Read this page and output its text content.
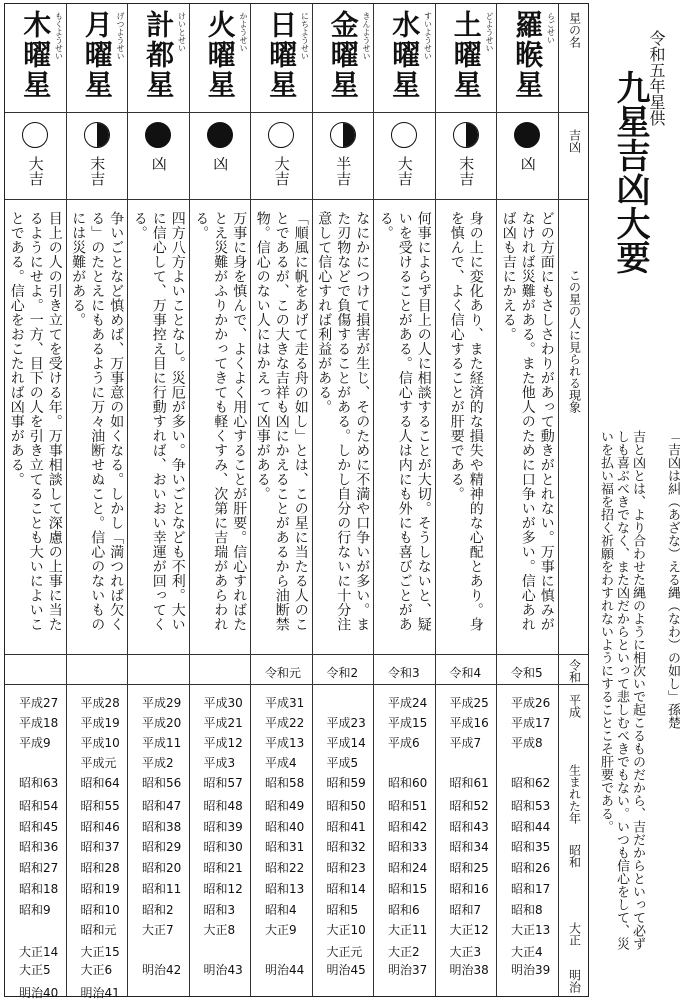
木曜星 もくようせい
大吉
目上の人の引き立てを受ける年。万事相談して深慮の上事に当たるようにせよ。一方、目下の人を引き立てることも大いによいことである。信心をおこたれば凶事がある。
平成27
平成18
平成9
昭和63
昭和54
昭和45
昭和36
昭和27
昭和18
昭和9
大正14
大正5
明治40
月曜星 げつようせい
末吉
争いごとなど慎めば、万事意の如くなる。しかし「満つれば欠くる」のたとえにもあるように万々油断せぬこと。信心のないものには災難がある。
平成28
平成19
平成10
平成元
昭和64
昭和55
昭和46
昭和37
昭和28
昭和19
昭和10
昭和元
大正15
大正6
明治41
計都星 けいとせい
凶
四方八方よいことなし。災厄が多い。争いごとなども不利。大いに信心して、万事控え目に行動すれば、おいおい幸運が回ってくる。
平成29
平成20
平成11
平成2
昭和56
昭和47
昭和38
昭和29
昭和20
昭和11
昭和2
大正7
明治42
火曜星 かようせい
凶
万事に身を慎んで、よくよく用心することが肝要。信心すればたとえ災難がふりかかってきても軽くすみ、次第に吉瑞があらわれる。
平成30
平成21
平成12
平成3
昭和57
昭和48
昭和39
昭和30
昭和21
昭和12
昭和3
大正8
明治43
日曜星 にちようせい
大吉
「順風に帆をあげて走る舟の如し」とは、この星に当たる人のことであるが、この大きな吉祥も凶にかえることがあるから油断禁物。信心のない人にはかえって凶事がある。
令和元
平成31
平成22
平成13
平成4
昭和58
昭和49
昭和40
昭和31
昭和22
昭和13
昭和4
大正9
明治44
金曜星 きんようせい
半吉
なにかにつけて損害が生じ、そのために不満や口争いが多い。また刃物などで負傷することがある。しかし自分の行ないに十分注意して信心すれば利益がある。
令和2
平成23
平成14
平成5
昭和59
昭和50
昭和41
昭和32
昭和23
昭和14
昭和5
大正10
大正元
明治45
水曜星 すいようせい
大吉
何事によらず目上の人に相談することが大切。そうしないと、疑いを受けることがある。信心する人は内にも外にも喜びごとがある。
令和3
平成24
平成15
平成6
昭和60
昭和51
昭和42
昭和33
昭和24
昭和15
昭和6
大正11
大正2
明治37
土曜星 どようせい
末吉
身の上に変化あり、また経済的な損失や精神的な心配とあり。身を慎んで、よく信心することが肝要である。
令和4
平成25
平成16
平成7
昭和61
昭和52
昭和43
昭和34
昭和25
昭和16
昭和7
大正12
大正3
明治38
羅睺星 らごせい
凶
どの方面にもさしさわりがあって動きがとれない。万事に慎みがなければ災難がある。また他人のために口争いが多い。信心あれば凶も吉にかえる。
令和5
平成26
平成17
平成8
昭和62
昭和53
昭和44
昭和35
昭和26
昭和17
昭和8
大正13
大正4
明治39
星の名
吉凶
この星の人に見られる現象
令和
平成
生まれた年
昭和
大正
明治
令和五年星供
九星吉凶大要
「吉凶は糾（あざな）える縄（なわ）の如し」孫楚
吉と凶とは、より合わせた縄のように相次いで起こるものだから、吉だからといって必ずしも喜ぶべきでなく、また凶だからといって悲しむべきでもない。いつも信心をして、災いを払い福を招く祈願をわすれないようにすることこそ肝要である。
